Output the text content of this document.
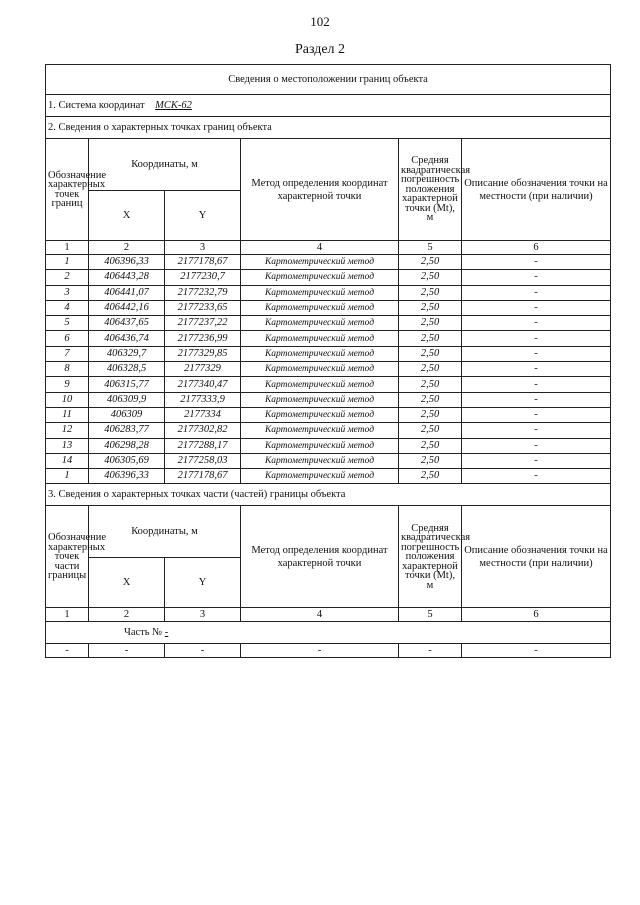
102
Раздел 2
Сведения о местоположении границ объекта					
1. Система координат МСК-62					
2. Сведения о характерных точках границ объекта					
Обозначение характерных точек границ	Координаты, м		Метод определения координат характерной точки	Средняя квадратическая погрешность положения характерной точки (Мt), м	Описание обозначения точки на местности (при наличии)
	X	Y			
1	2	3	4	5	6
1	406396,33	2177178,67	Картометрический метод	2,50	-
2	406443,28	2177230,7	Картометрический метод	2,50	-
3	406441,07	2177232,79	Картометрический метод	2,50	-
4	406442,16	2177233,65	Картометрический метод	2,50	-
5	406437,65	2177237,22	Картометрический метод	2,50	-
6	406436,74	2177236,99	Картометрический метод	2,50	-
7	406329,7	2177329,85	Картометрический метод	2,50	-
8	406328,5	2177329	Картометрический метод	2,50	-
9	406315,77	2177340,47	Картометрический метод	2,50	-
10	406309,9	2177333,9	Картометрический метод	2,50	-
11	406309	2177334	Картометрический метод	2,50	-
12	406283,77	2177302,82	Картометрический метод	2,50	-
13	406298,28	2177288,17	Картометрический метод	2,50	-
14	406305,69	2177258,03	Картометрический метод	2,50	-
1	406396,33	2177178,67	Картометрический метод	2,50	-
3. Сведения о характерных точках части (частей) границы объекта					
Обозначение характерных точек части границы	Координаты, м		Метод определения координат характерной точки	Средняя квадратическая погрешность положения характерной точки (Мt), м	Описание обозначения точки на местности (при наличии)
	X	Y			
1	2	3	4	5	6
Часть № -					
-	-	-	-	-	-
